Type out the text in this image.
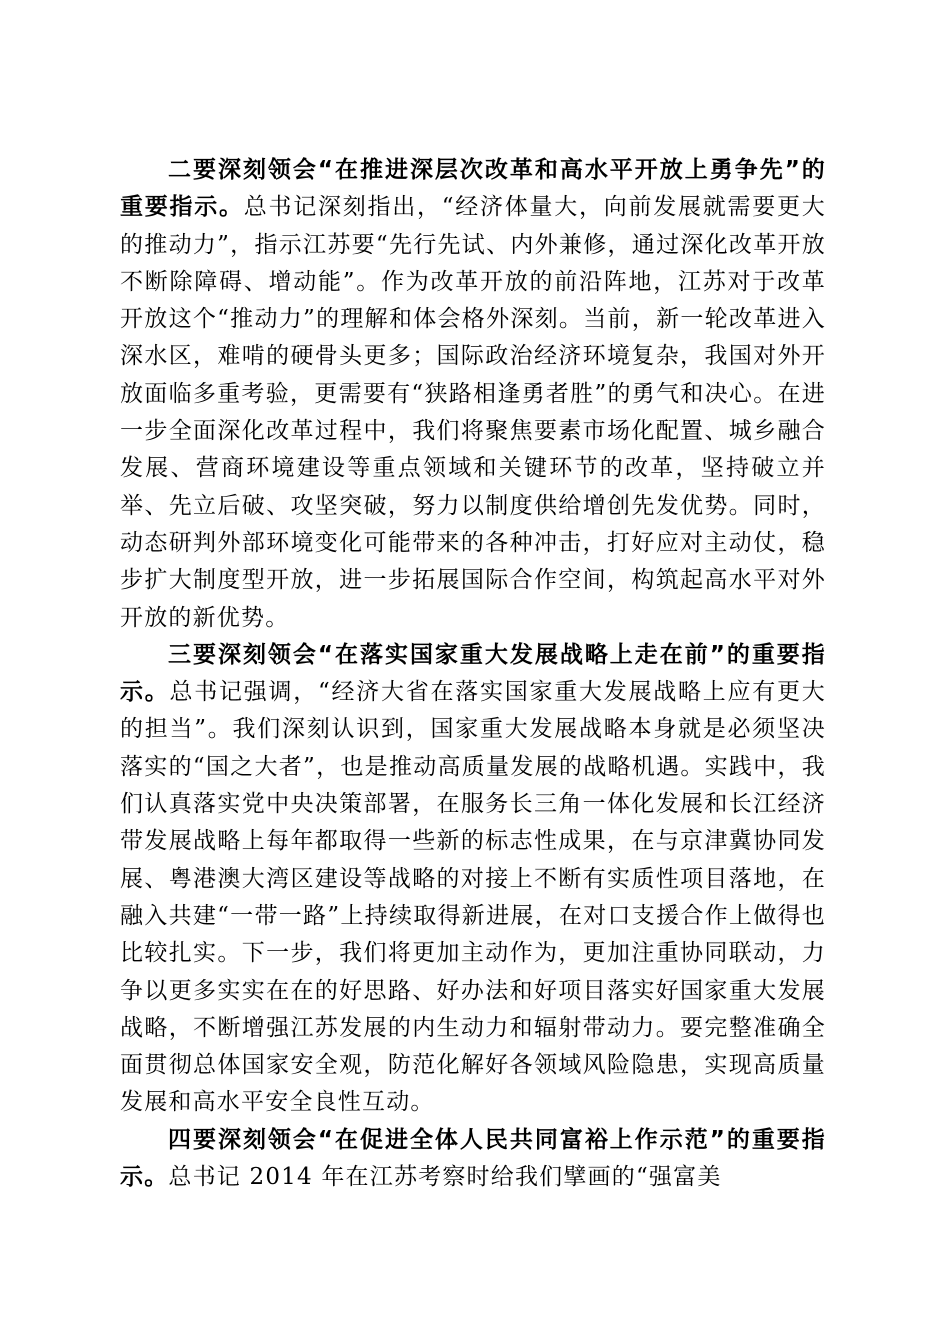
二要深刻领会“在推进深层次改革和高水平开放上勇争先”的重要指示。总书记深刻指出，“经济体量大，向前发展就需要更大的推动力”，指示江苏要“先行先试、内外兼修，通过深化改革开放不断除障碍、增动能”。作为改革开放的前沿阵地，江苏对于改革开放这个“推动力”的理解和体会格外深刻。当前，新一轮改革进入深水区，难啃的硬骨头更多；国际政治经济环境复杂，我国对外开放面临多重考验，更需要有“狭路相逢勇者胜”的勇气和决心。在进一步全面深化改革过程中，我们将聚焦要素市场化配置、城乡融合发展、营商环境建设等重点领域和关键环节的改革，坚持破立并举、先立后破、攻坚突破，努力以制度供给增创先发优势。同时，动态研判外部环境变化可能带来的各种冲击，打好应对主动仗，稳步扩大制度型开放，进一步拓展国际合作空间，构筑起高水平对外开放的新优势。

三要深刻领会“在落实国家重大发展战略上走在前”的重要指示。总书记强调，“经济大省在落实国家重大发展战略上应有更大的担当”。我们深刻认识到，国家重大发展战略本身就是必须坚决落实的“国之大者”，也是推动高质量发展的战略机遇。实践中，我们认真落实党中央决策部署，在服务长三角一体化发展和长江经济带发展战略上每年都取得一些新的标志性成果，在与京津冀协同发展、粤港澳大湾区建设等战略的对接上不断有实质性项目落地，在融入共建“一带一路”上持续取得新进展，在对口支援合作上做得也比较扎实。下一步，我们将更加主动作为，更加注重协同联动，力争以更多实实在在的好思路、好办法和好项目落实好国家重大发展战略，不断增强江苏发展的内生动力和辐射带动力。要完整准确全面贯彻总体国家安全观，防范化解好各领域风险隐患，实现高质量发展和高水平安全良性互动。

四要深刻领会“在促进全体人民共同富裕上作示范”的重要指示。总书记 2014 年在江苏考察时给我们擘画的“强富美
